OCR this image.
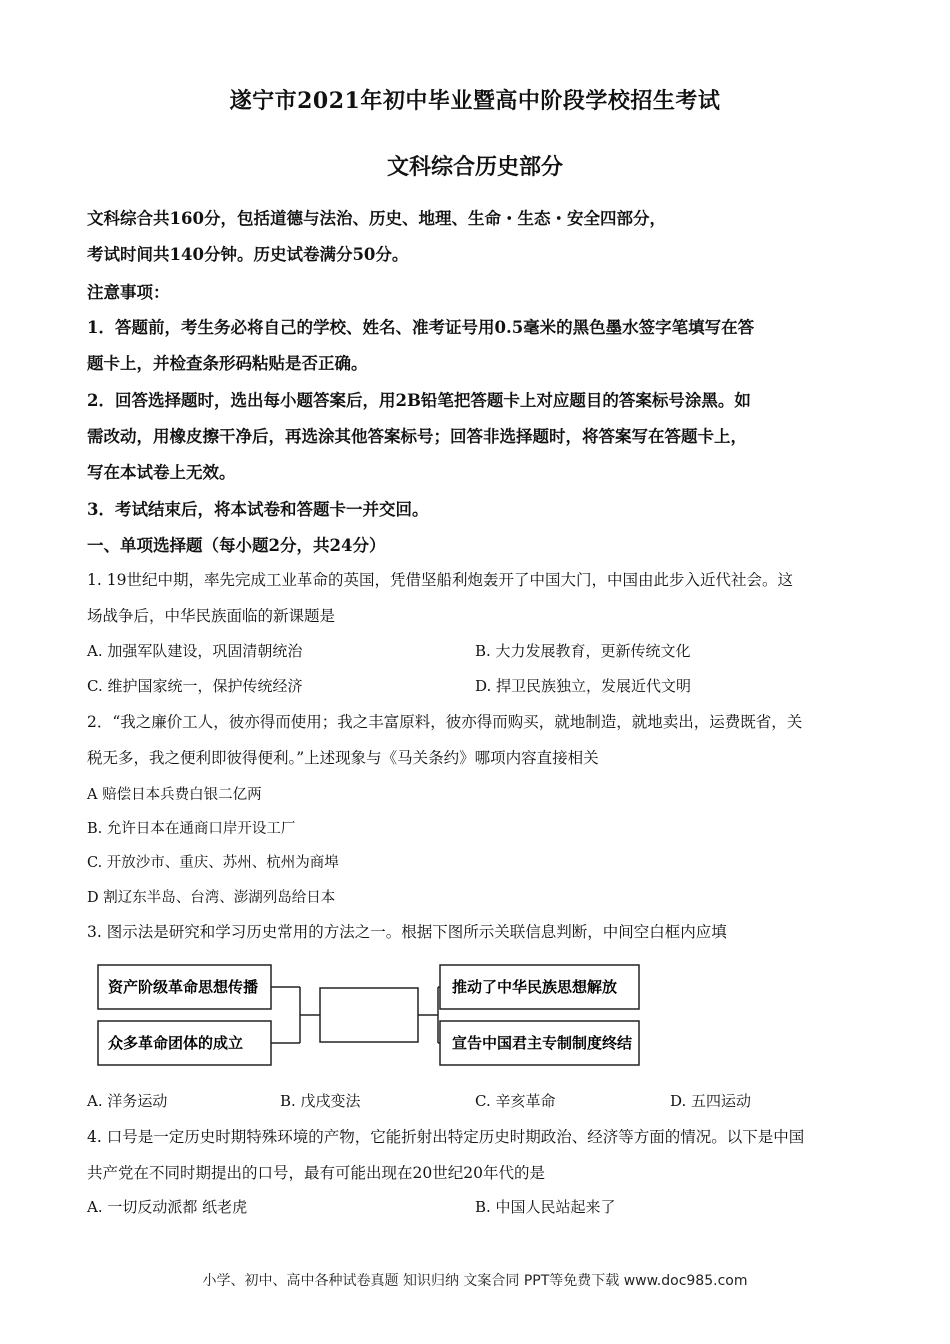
遂宁市2021年初中毕业暨高中阶段学校招生考试
文科综合历史部分
文科综合共160分，包括道德与法治、历史、地理、生命・生态・安全四部分，
考试时间共140分钟。历史试卷满分50分。
注意事项：
1．答题前，考生务必将自己的学校、姓名、准考证号用0.5毫米的黑色墨水签字笔填写在答
题卡上，并检查条形码粘贴是否正确。
2．回答选择题时，选出每小题答案后，用2B铅笔把答题卡上对应题目的答案标号涂黑。如
需改动，用橡皮擦干净后，再选涂其他答案标号；回答非选择题时，将答案写在答题卡上，
写在本试卷上无效。
3．考试结束后，将本试卷和答题卡一并交回。
一、单项选择题（每小题2分，共24分）
1. 19世纪中期，率先完成工业革命的英国，凭借坚船利炮轰开了中国大门，中国由此步入近代社会。这
场战争后，中华民族面临的新课题是
A. 加强军队建设，巩固清朝统治	B. 大力发展教育，更新传统文化
C. 维护国家统一，保护传统经济	D. 捍卫民族独立，发展近代文明
2．“我之廉价工人，彼亦得而使用；我之丰富原料，彼亦得而购买，就地制造，就地卖出，运费既省，关
税无多，我之便利即彼得便利。”上述现象与《马关条约》哪项内容直接相关
A 赔偿日本兵费白银二亿两
B. 允许日本在通商口岸开设工厂
C. 开放沙市、重庆、苏州、杭州为商埠
D 割辽东半岛、台湾、澎湖列岛给日本
3. 图示法是研究和学习历史常用的方法之一。根据下图所示关联信息判断，中间空白框内应填
资产阶级革命思想传播
众多革命团体的成立
推动了中华民族思想解放
宣告中国君主专制制度终结
A. 洋务运动	B. 戊戌变法	C. 辛亥革命	D. 五四运动
4. 口号是一定历史时期特殊环境的产物，它能折射出特定历史时期政治、经济等方面的情况。以下是中国
共产党在不同时期提出的口号，最有可能出现在20世纪20年代的是
A. 一切反动派都 纸老虎	B. 中国人民站起来了
小学、初中、高中各种试卷真题 知识归纳 文案合同 PPT等免费下载 www.doc985.com
